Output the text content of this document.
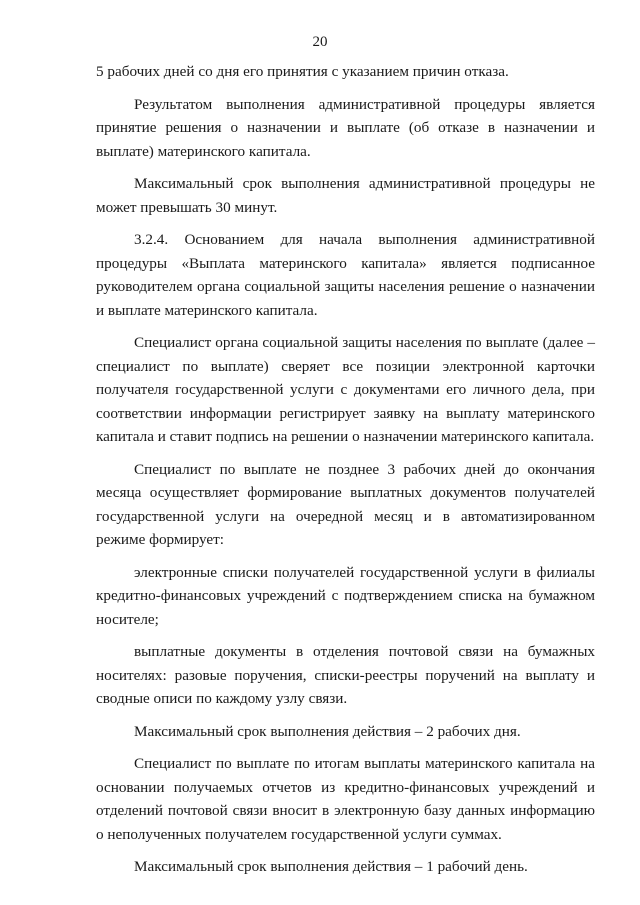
20

5 рабочих дней со дня его принятия с указанием причин отказа.

Результатом выполнения административной процедуры является принятие решения о назначении и выплате (об отказе в назначении и выплате) материнского капитала.

Максимальный срок выполнения административной процедуры не может превышать 30 минут.

3.2.4. Основанием для начала выполнения административной процедуры «Выплата материнского капитала» является подписанное руководителем органа социальной защиты населения решение о назначении и выплате материнского капитала.

Специалист органа социальной защиты населения по выплате (далее – специалист по выплате) сверяет все позиции электронной карточки получателя государственной услуги с документами его личного дела, при соответствии информации регистрирует заявку на выплату материнского капитала и ставит подпись на решении о назначении материнского капитала.

Специалист по выплате не позднее 3 рабочих дней до окончания месяца осуществляет формирование выплатных документов получателей государственной услуги на очередной месяц и в автоматизированном режиме формирует:

электронные списки получателей государственной услуги в филиалы кредитно-финансовых учреждений с подтверждением списка на бумажном носителе;

выплатные документы в отделения почтовой связи на бумажных носителях: разовые поручения, списки-реестры поручений на выплату и сводные описи по каждому узлу связи.

Максимальный срок выполнения действия – 2 рабочих дня.

Специалист по выплате по итогам выплаты материнского капитала на основании получаемых отчетов из кредитно-финансовых учреждений и отделений почтовой связи вносит в электронную базу данных информацию о неполученных получателем государственной услуги суммах.

Максимальный срок выполнения действия – 1 рабочий день.
